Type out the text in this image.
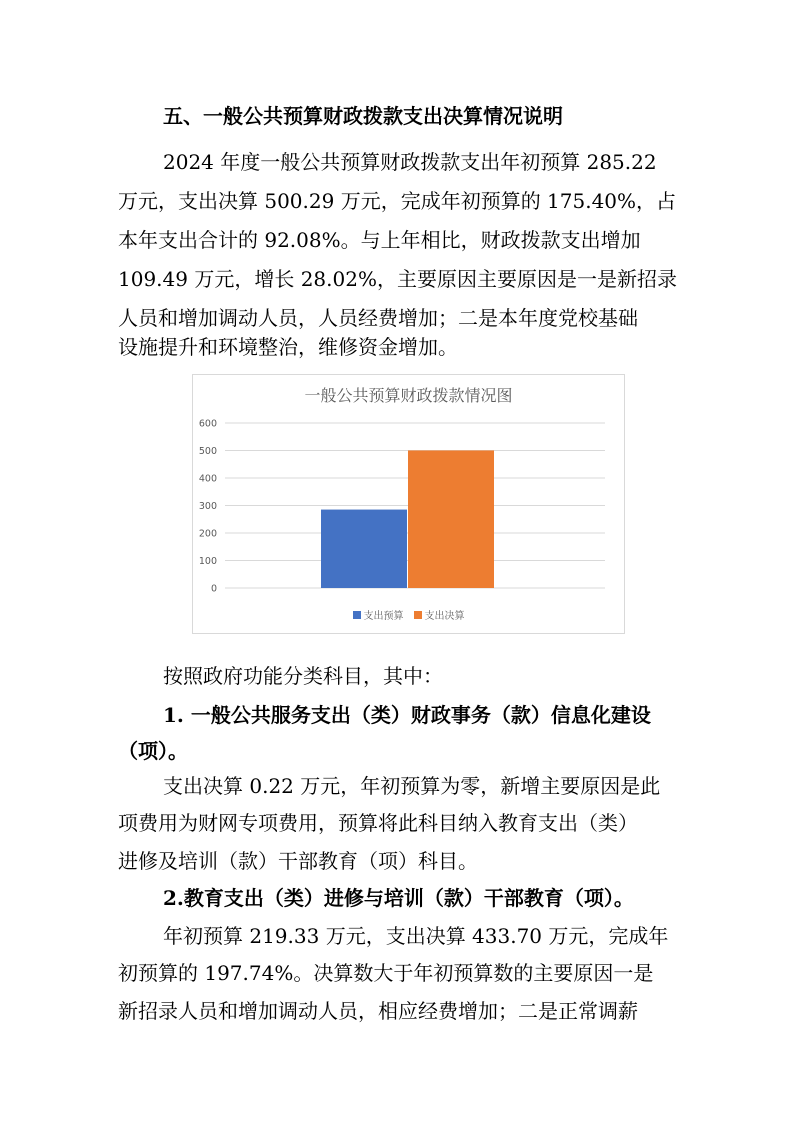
五、一般公共预算财政拨款支出决算情况说明
2024 年度一般公共预算财政拨款支出年初预算 285.22
万元，支出决算 500.29 万元，完成年初预算的 175.40%，占
本年支出合计的 92.08%。与上年相比，财政拨款支出增加
109.49 万元，增长 28.02%，主要原因主要原因是一是新招录
人员和增加调动人员，人员经费增加；二是本年度党校基础
设施提升和环境整治，维修资金增加。
一般公共预算财政拨款情况图
0
100
200
300
400
500
600
支出预算 支出决算
按照政府功能分类科目，其中：
1. 一般公共服务支出（类）财政事务（款）信息化建设
（项）。
支出决算 0.22 万元，年初预算为零，新增主要原因是此
项费用为财网专项费用，预算将此科目纳入教育支出（类）
进修及培训（款）干部教育（项）科目。
2.教育支出（类）进修与培训（款）干部教育（项）。
年初预算 219.33 万元，支出决算 433.70 万元，完成年
初预算的 197.74%。决算数大于年初预算数的主要原因一是
新招录人员和增加调动人员，相应经费增加；二是正常调薪
